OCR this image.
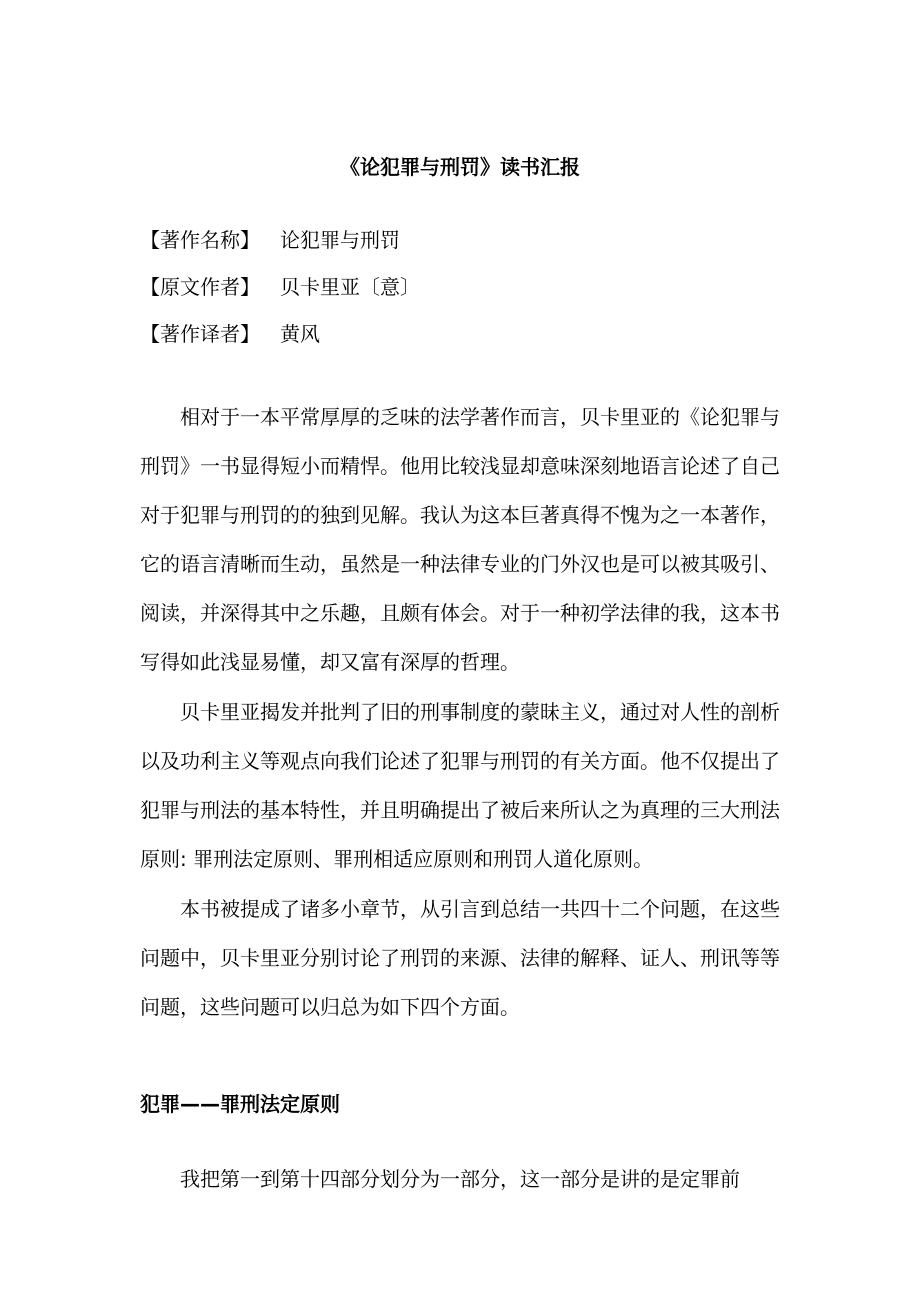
《论犯罪与刑罚》读书汇报
【著作名称】 论犯罪与刑罚
【原文作者】 贝卡里亚〔意〕
【著作译者】 黄风

相对于一本平常厚厚的乏味的法学著作而言，贝卡里亚的《论犯罪与刑罚》一书显得短小而精悍。他用比较浅显却意味深刻地语言论述了自己对于犯罪与刑罚的的独到见解。我认为这本巨著真得不愧为之一本著作，它的语言清晰而生动，虽然是一种法律专业的门外汉也是可以被其吸引、阅读，并深得其中之乐趣，且颇有体会。对于一种初学法律的我，这本书写得如此浅显易懂，却又富有深厚的哲理。

贝卡里亚揭发并批判了旧的刑事制度的蒙昧主义，通过对人性的剖析以及功利主义等观点向我们论述了犯罪与刑罚的有关方面。他不仅提出了犯罪与刑法的基本特性，并且明确提出了被后来所认之为真理的三大刑法原则: 罪刑法定原则、罪刑相适应原则和刑罚人道化原则。

本书被提成了诸多小章节，从引言到总结一共四十二个问题，在这些问题中，贝卡里亚分别讨论了刑罚的来源、法律的解释、证人、刑讯等等问题，这些问题可以归总为如下四个方面。

犯罪——罪刑法定原则

我把第一到第十四部分划分为一部分，这一部分是讲的是定罪前
